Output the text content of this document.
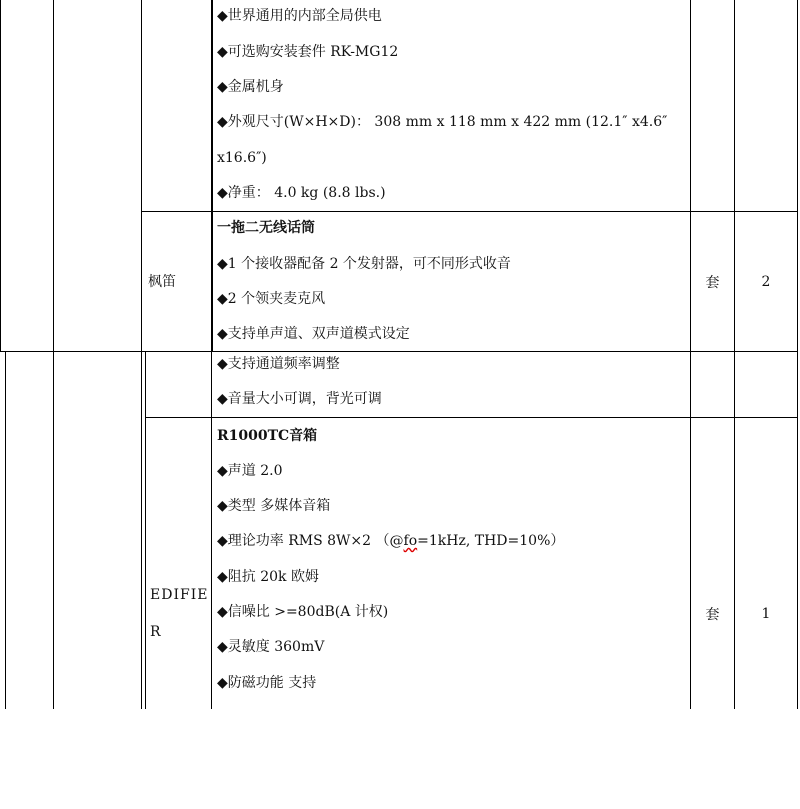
◆世界通用的内部全局供电
◆可选购安装套件 RK-MG12
◆金属机身
◆外观尺寸(W×H×D)： 308 mm x 118 mm x 422 mm (12.1″ x4.6″
x16.6″)
◆净重： 4.0 kg (8.8 lbs.)
枫笛
一拖二无线话筒
◆1 个接收器配备 2 个发射器，可不同形式收音
◆2 个领夹麦克风
◆支持单声道、双声道模式设定
套	2
◆支持通道频率调整
◆音量大小可调，背光可调
EDIFIE
R
R1000TC音箱
◆声道 2.0
◆类型 多媒体音箱
◆理论功率 RMS 8W×2 （@fo=1kHz, THD=10%）
◆阻抗 20k 欧姆
◆信噪比 >=80dB(A 计权)
◆灵敏度 360mV
◆防磁功能 支持
套	1
